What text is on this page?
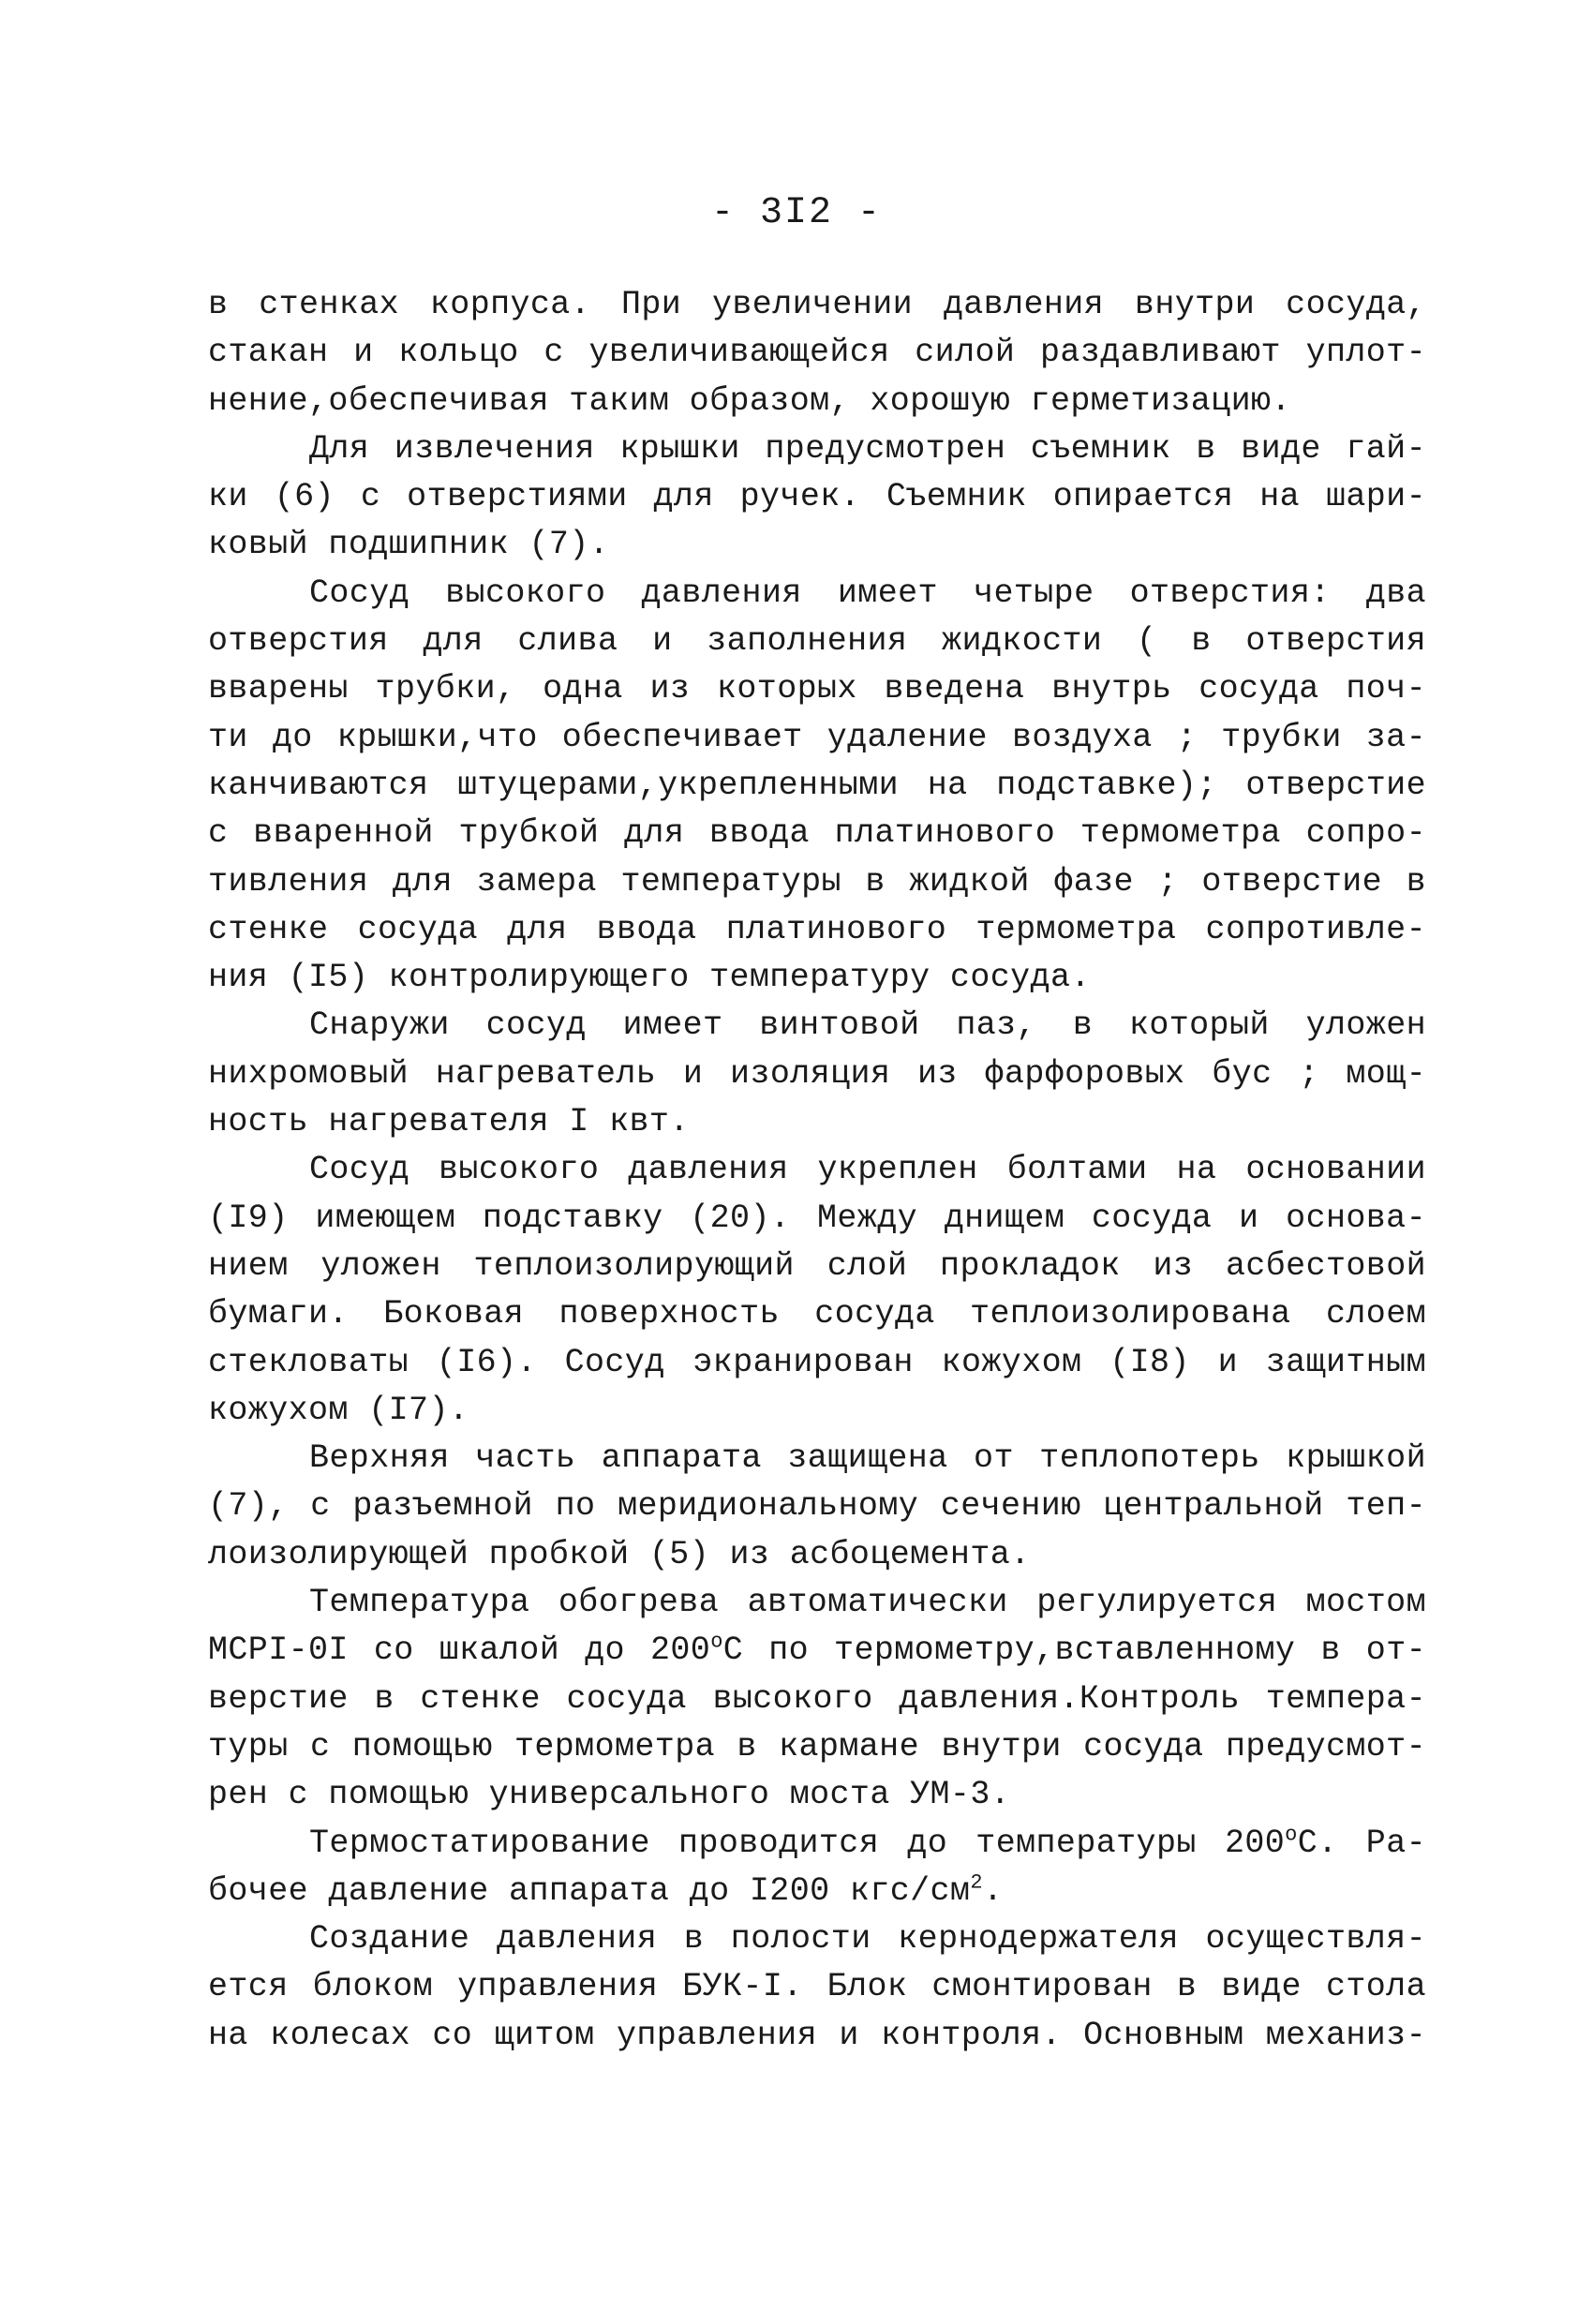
- 3I2 -
в стенках корпуса. При увеличении давления внутри сосуда,
стакан и кольцо с увеличивающейся силой раздавливают уплот-
нение,обеспечивая таким образом, хорошую герметизацию.
Для извлечения крышки предусмотрен съемник в виде гай-
ки (6) с отверстиями для ручек. Съемник опирается на шари-
ковый подшипник (7).
Сосуд высокого давления имеет четыре отверстия: два
отверстия для слива и заполнения жидкости ( в отверстия
вварены трубки, одна из которых введена внутрь сосуда поч-
ти до крышки,что обеспечивает удаление воздуха ; трубки за-
канчиваются штуцерами,укрепленными на подставке); отверстие
с вваренной трубкой для ввода платинового термометра сопро-
тивления для замера температуры в жидкой фазе ; отверстие в
стенке сосуда для ввода платинового термометра сопротивле-
ния (I5) контролирующего температуру сосуда.
Снаружи сосуд имеет винтовой паз, в который уложен
нихромовый нагреватель и изоляция из фарфоровых бус ; мощ-
ность нагревателя I квт.
Сосуд высокого давления укреплен болтами на основании
(I9) имеющем подставку (20). Между днищем сосуда и основа-
нием уложен теплоизолирующий слой прокладок из асбестовой
бумаги. Боковая поверхность сосуда теплоизолирована слоем
стекловаты (I6). Сосуд экранирован кожухом (I8) и защитным
кожухом (I7).
Верхняя часть аппарата защищена от теплопотерь крышкой
(7), с разъемной по меридиональному сечению центральной теп-
лоизолирующей пробкой (5) из асбоцемента.
Температура обогрева автоматически регулируется мостом
МСРI-0I со шкалой до $200^оС$ по термометру,вставленному в от-
верстие в стенке сосуда высокого давления.Контроль темпера-
туры с помощью термометра в кармане внутри сосуда предусмот-
рен с помощью универсального моста УМ-3.
Термостатирование проводится до температуры $200^оС$. Ра-
бочее давление аппарата до I200 кгс/$см^2$.
Создание давления в полости кернодержателя осуществля-
ется блоком управления БУК-I. Блок смонтирован в виде стола
на колесах со щитом управления и контроля. Основным механиз-
